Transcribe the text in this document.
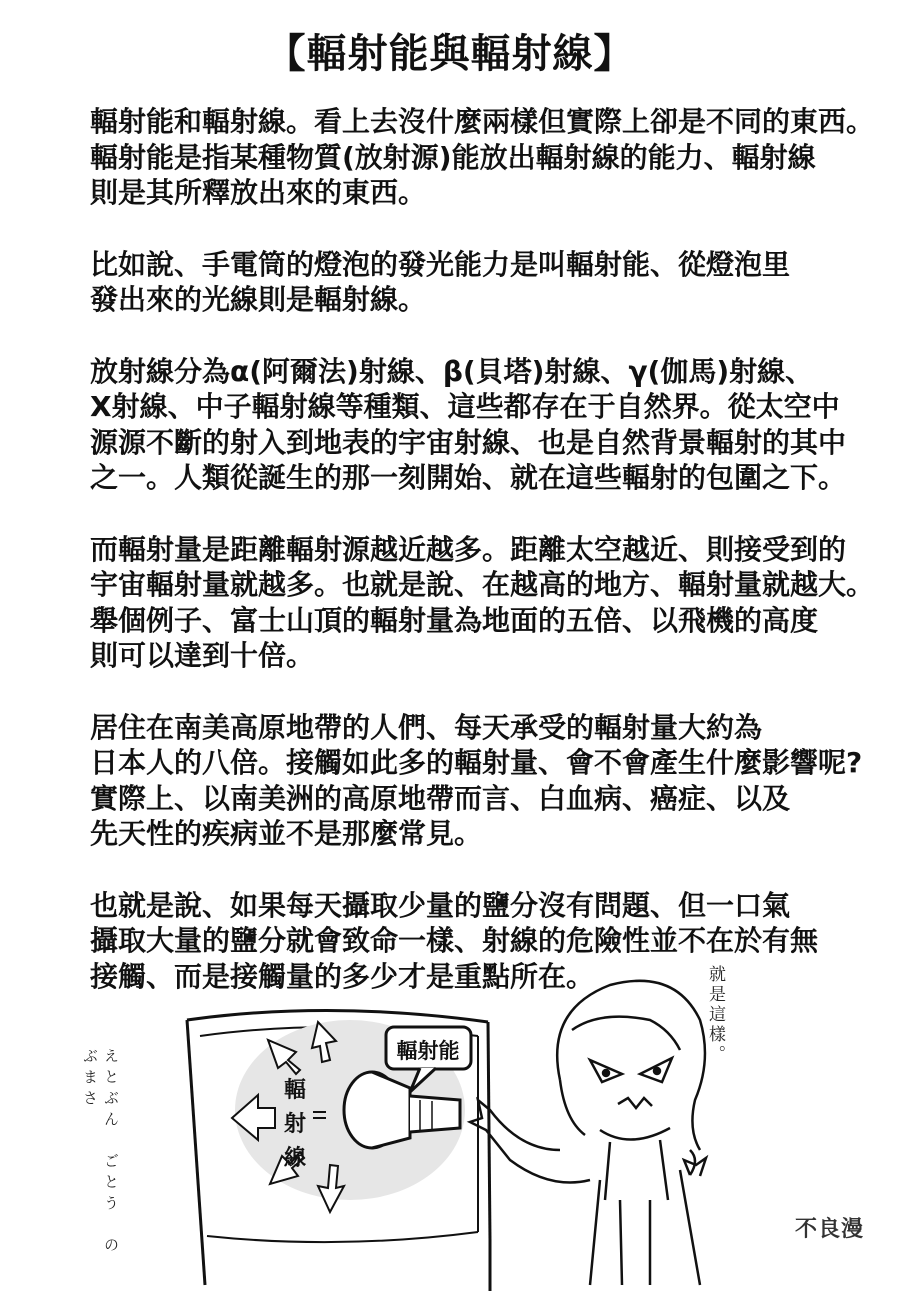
【輻射能與輻射線】

輻射能和輻射線。看上去沒什麼兩樣但實際上卻是不同的東西。
輻射能是指某種物質(放射源)能放出輻射線的能力、輻射線
則是其所釋放出來的東西。

比如說、手電筒的燈泡的發光能力是叫輻射能、從燈泡里
發出來的光線則是輻射線。

放射線分為α(阿爾法)射線、β(貝塔)射線、γ(伽馬)射線、
X射線、中子輻射線等種類、這些都存在于自然界。從太空中
源源不斷的射入到地表的宇宙射線、也是自然背景輻射的其中
之一。人類從誕生的那一刻開始、就在這些輻射的包圍之下。

而輻射量是距離輻射源越近越多。距離太空越近、則接受到的
宇宙輻射量就越多。也就是說、在越高的地方、輻射量就越大。
舉個例子、富士山頂的輻射量為地面的五倍、以飛機的高度
則可以達到十倍。

居住在南美高原地帶的人們、每天承受的輻射量大約為
日本人的八倍。接觸如此多的輻射量、會不會產生什麼影響呢?
實際上、以南美洲的高原地帶而言、白血病、癌症、以及
先天性的疾病並不是那麼常見。

也就是說、如果每天攝取少量的鹽分沒有問題、但一口氣
攝取大量的鹽分就會致命一樣、射線的危險性並不在於有無
接觸、而是接觸量的多少才是重點所在。

えとぶん　ごとう　のぶまさ
就是這樣。
輻射能
輻
射
線
不良漫
